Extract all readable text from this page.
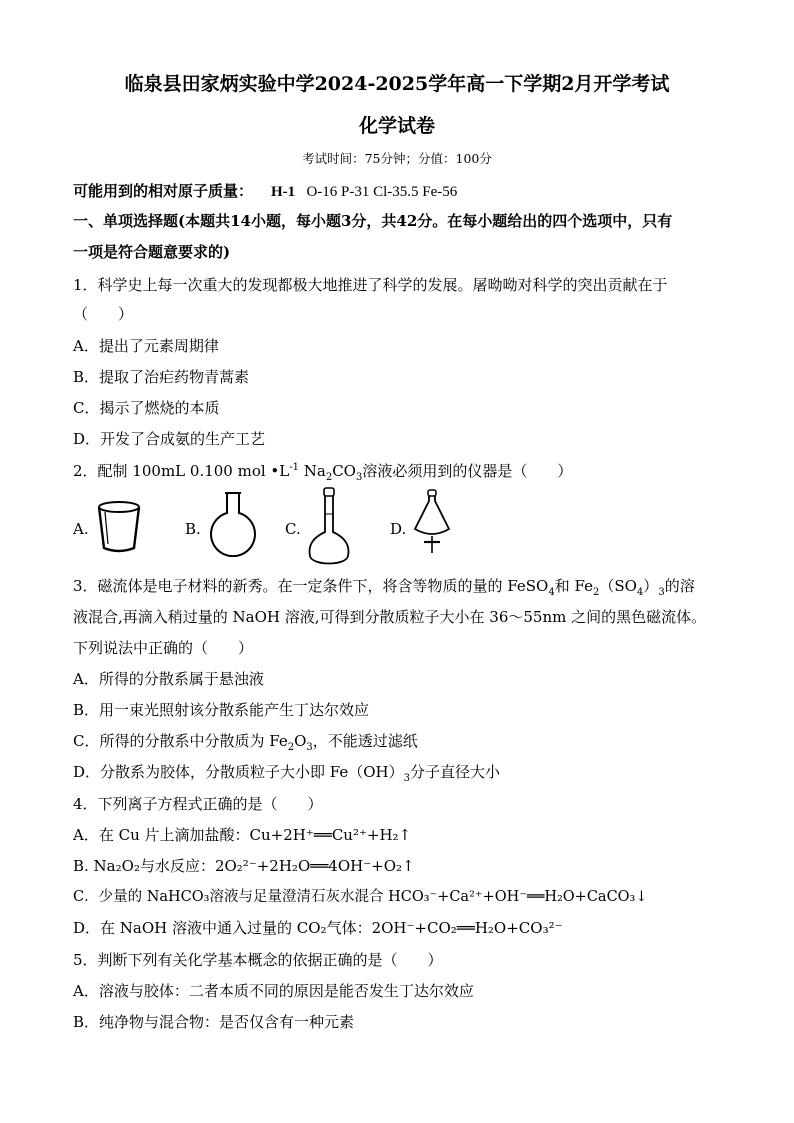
临泉县田家炳实验中学2024-2025学年高一下学期2月开学考试
化学试卷
考试时间：75分钟；分值：100分
可能用到的相对原子质量： H-1 O-16 P-31 Cl-35.5 Fe-56
一、单项选择题(本题共14小题，每小题3分，共42分。在每小题给出的四个选项中，只有
一项是符合题意要求的)
1．科学史上每一次重大的发现都极大地推进了科学的发展。屠呦呦对科学的突出贡献在于
（　　）
A．提出了元素周期律
B．提取了治疟药物青蒿素
C．揭示了燃烧的本质
D．开发了合成氨的生产工艺
2．配制 100mL 0.100 mol $•L^{-1}$ $Na_2CO_3$溶液必须用到的仪器是（　　）
A.	B.	C.	D.
3．磁流体是电子材料的新秀。在一定条件下，将含等物质的量的 FeSO$_4$和 $Fe_2(SO_4)_3$的溶
液混合,再滴入稍过量的 NaOH 溶液,可得到分散质粒子大小在 36～55nm 之间的黑色磁流体。
下列说法中正确的（　　）
A．所得的分散系属于悬浊液
B．用一束光照射该分散系能产生丁达尔效应
C．所得的分散系中分散质为 $Fe_2O_3$，不能透过滤纸
D．分散系为胶体，分散质粒子大小即 $Fe(OH)_3$分子直径大小
4．下列离子方程式正确的是（　　）
A．在 Cu 片上滴加盐酸：Cu+2H⁺══Cu²⁺+H₂↑
B. Na₂O₂与水反应：2O₂²⁻+2H₂O══4OH⁻+O₂↑
C．少量的 NaHCO₃溶液与足量澄清石灰水混合 HCO₃⁻+Ca²⁺+OH⁻══H₂O+CaCO₃↓
D．在 NaOH 溶液中通入过量的 CO₂气体：2OH⁻+CO₂══H₂O+CO₃²⁻
5．判断下列有关化学基本概念的依据正确的是（　　）
A．溶液与胶体：二者本质不同的原因是能否发生丁达尔效应
B．纯净物与混合物：是否仅含有一种元素
